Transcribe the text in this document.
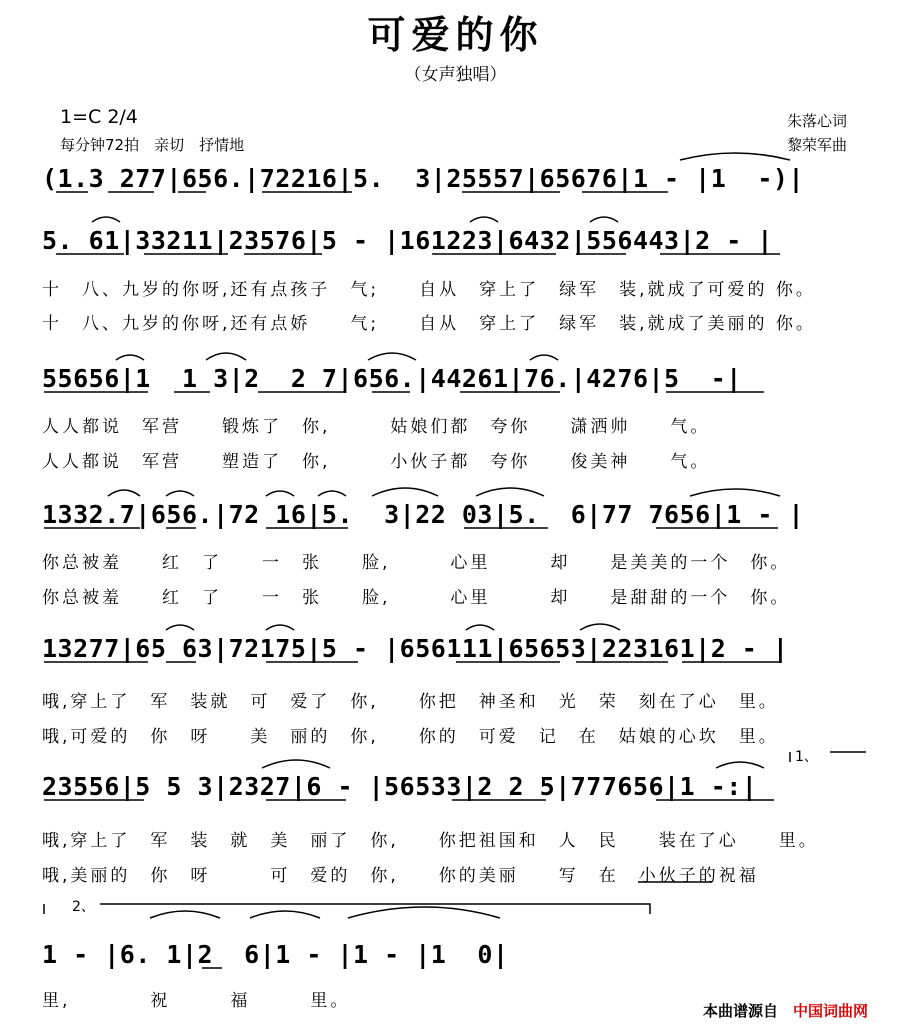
可爱的你
（女声独唱）
1=C 2/4
每分钟72拍　亲切　抒情地
朱落心词
黎荣军曲
(1.3 277|656.|72216|5.  3|25557|65676|1 - |1  -)|
5. 61|33211|23576|5 - |161223|6432|556443|2 - |
十　八、九岁的你呀,还有点孩子　气;　　自从　穿上了　绿军　装,就成了可爱的 你。
十　八、九岁的你呀,还有点娇　　气;　　自从　穿上了　绿军　装,就成了美丽的 你。
55656|1  1 3|2  2 7|656.|44261|76.|4276|5  -|
人人都说　军营　　锻炼了　你,　　　姑娘们都　夸你　　潇洒帅　　气。
人人都说　军营　　塑造了　你,　　　小伙子都　夸你　　俊美神　　气。
1332.7|656.|72 16|5.  3|22 03|5.  6|77 7656|1 - |
你总被羞　　红　了　　一　张　　脸,　　　心里　　　却　　是美美的一个　你。
你总被羞　　红　了　　一　张　　脸,　　　心里　　　却　　是甜甜的一个　你。
13277|65 63|72175|5 - |656111|65653|223161|2 - |
哦,穿上了　军　装就　可　爱了　你,　　你把　神圣和　光　荣　刻在了心　里。
哦,可爱的　你　呀　　美　丽的　你,　　你的　可爱　记　在　姑娘的心坎　里。
23556|5 5 3|2327|6 - |56533|2 2 5|777656|1 -:|
哦,穿上了　军　装　就　美　丽了　你,　　你把祖国和　人　民　　装在了心　　里。
哦,美丽的　你　呀　　　可　爱的　你,　　你的美丽　　写　在　小伙子的祝福
1、
2、
1 - |6. 1|2  6|1 - |1 - |1  0|
里,　　　　祝　　　福　　　里。	本曲谱源自　 中国词曲网
